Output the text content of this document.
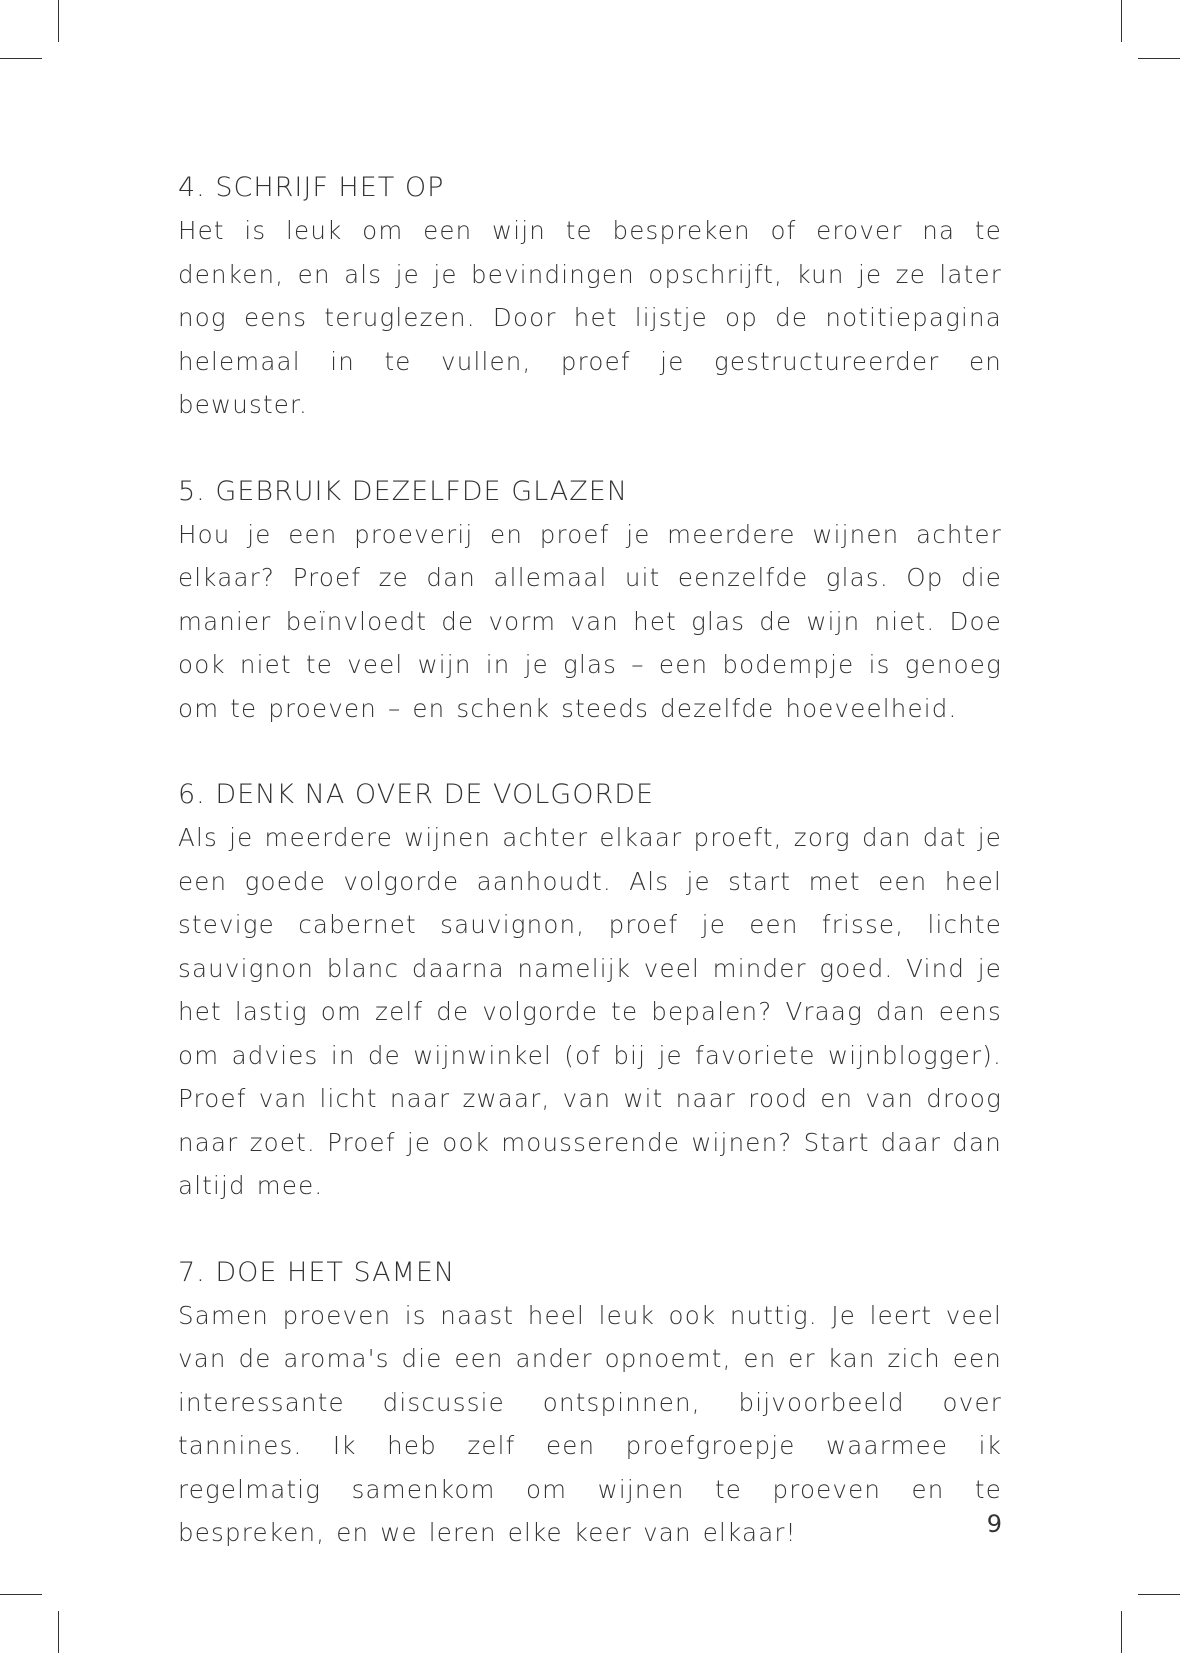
4. SCHRIJF HET OP

Het is leuk om een wijn te bespreken of erover na te denken, en als je je bevindingen opschrijft, kun je ze later nog eens teruglezen. Door het lijstje op de notitiepagina helemaal in te vullen, proef je gestructureerder en bewuster.

5. GEBRUIK DEZELFDE GLAZEN

Hou je een proeverij en proef je meerdere wijnen achter elkaar? Proef ze dan allemaal uit eenzelfde glas. Op die manier beïnvloedt de vorm van het glas de wijn niet. Doe ook niet te veel wijn in je glas – een bodempje is genoeg om te proeven – en schenk steeds dezelfde hoeveelheid.

6. DENK NA OVER DE VOLGORDE

Als je meerdere wijnen achter elkaar proeft, zorg dan dat je een goede volgorde aanhoudt. Als je start met een heel stevige cabernet sauvignon, proef je een frisse, lichte sauvignon blanc daarna namelijk veel minder goed. Vind je het lastig om zelf de volgorde te bepalen? Vraag dan eens om advies in de wijnwinkel (of bij je favoriete wijnblogger). Proef van licht naar zwaar, van wit naar rood en van droog naar zoet. Proef je ook mousserende wijnen? Start daar dan altijd mee.

7. DOE HET SAMEN

Samen proeven is naast heel leuk ook nuttig. Je leert veel van de aroma's die een ander opnoemt, en er kan zich een interessante discussie ontspinnen, bijvoorbeeld over tannines. Ik heb zelf een proefgroepje waarmee ik regelmatig samenkom om wijnen te proeven en te bespreken, en we leren elke keer van elkaar!	9
